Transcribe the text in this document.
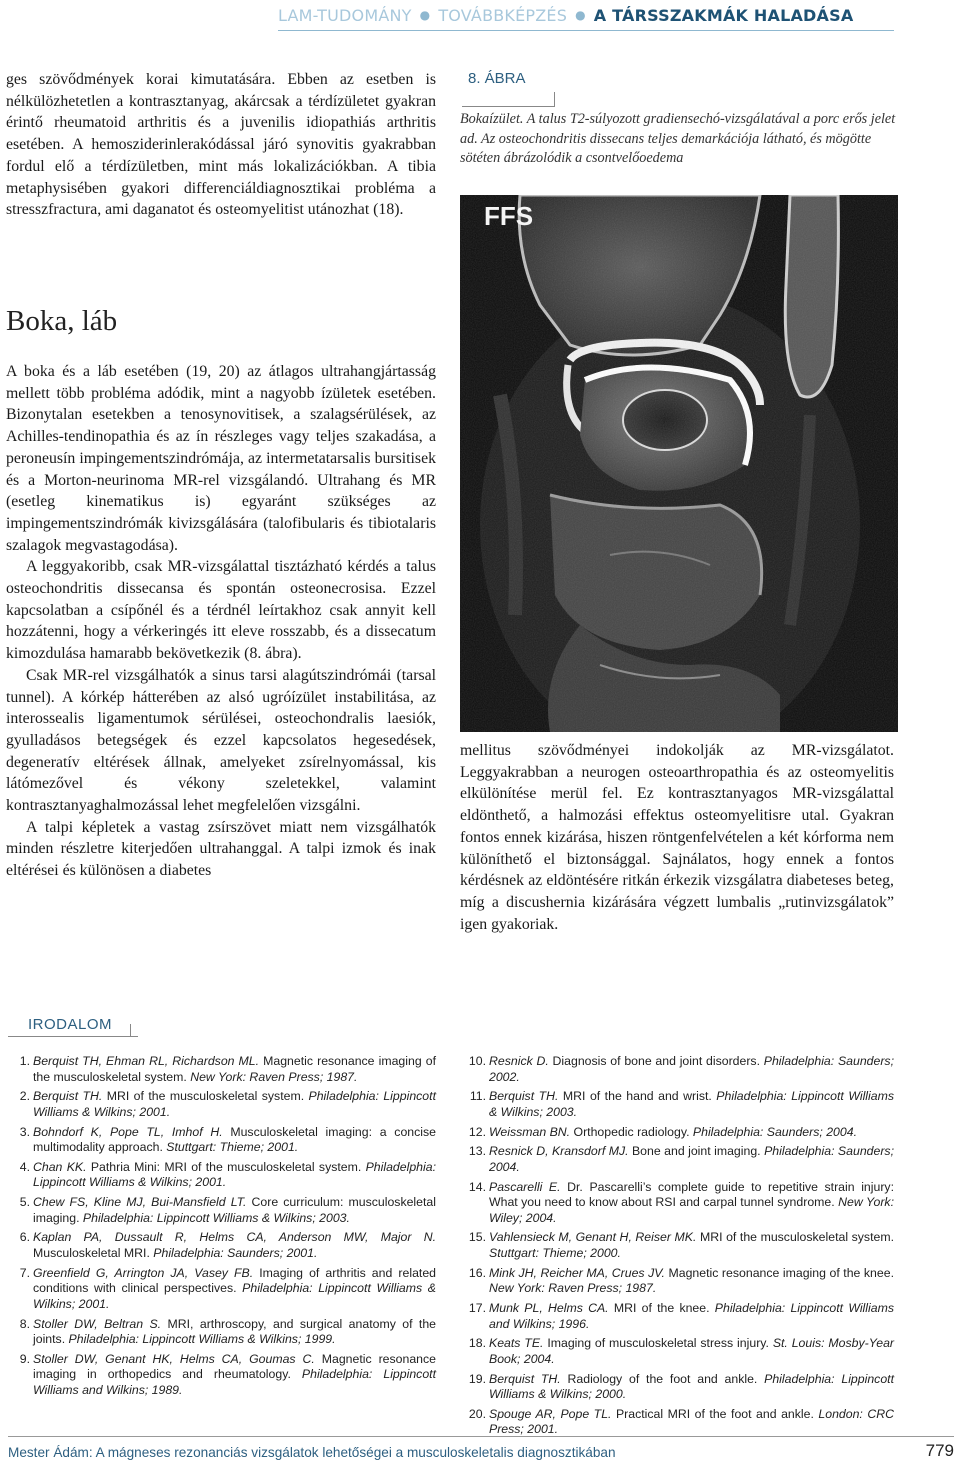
LAM-TUDOMÁNY ● TOVÁBBKÉPZÉS ● A TÁRSSZAKMÁK HALADÁSA

ges szövődmények korai kimutatására. Ebben az esetben is nélkülözhetetlen a kontrasztanyag, akárcsak a térdízületet gyakran érintő rheumatoid arthritis és a juvenilis idiopathiás arthritis esetében. A hemosziderinlerakódással járó synovitis gyakrabban fordul elő a térdízületben, mint más lokalizációkban. A tibia metaphysisében gyakori differenciáldiagnosztikai probléma a stresszfractura, ami daganatot és osteomyelitist utánozhat (18).

Boka, láb

A boka és a láb esetében (19, 20) az átlagos ultrahangjártasság mellett több probléma adódik, mint a nagyobb ízületek esetében. Bizonytalan esetekben a tenosynovitisek, a szalagsérülések, az Achilles-tendinopathia és az ín részleges vagy teljes szakadása, a peroneusín impingementszindrómája, az intermetatarsalis bursitisek és a Morton-neurinoma MR-rel vizsgálandó. Ultrahang és MR (esetleg kinematikus is) egyaránt szükséges az impingementszindrómák kivizsgálására (talofibularis és tibiotalaris szalagok megvastagodása).

A leggyakoribb, csak MR-vizsgálattal tisztázható kérdés a talus osteochondritis dissecansa és spontán osteonecrosisa. Ezzel kapcsolatban a csípőnél és a térdnél leírtakhoz csak annyit kell hozzátenni, hogy a vérkeringés itt eleve rosszabb, és a dissecatum kimozdulása hamarabb bekövetkezik (8. ábra).

Csak MR-rel vizsgálhatók a sinus tarsi alagútszindrómái (tarsal tunnel). A kórkép hátterében az alsó ugróízület instabilitása, az interossealis ligamentumok sérülései, osteochondralis laesiók, gyulladásos betegségek és ezzel kapcsolatos hegesedések, degeneratív eltérések állnak, amelyeket zsírelnyomással, kis látómezővel és vékony szeletekkel, valamint kontrasztanyaghalmozással lehet megfelelően vizsgálni.

A talpi képletek a vastag zsírszövet miatt nem vizsgálhatók minden részletre kiterjedően ultrahanggal. A talpi izmok és inak eltérései és különösen a diabetes

8. ÁBRA
Bokaízület. A talus T2-súlyozott gradiensechó-vizsgálatával a porc erős jelet ad. Az osteochondritis dissecans teljes demarkációja látható, és mögötte sötéten ábrázolódik a csontvelőoedema
FFS

mellitus szövődményei indokolják az MR-vizsgálatot. Leggyakrabban a neurogen osteoarthropathia és az osteomyelitis elkülönítése merül fel. Ez kontrasztanyagos MR-vizsgálattal eldönthető, a halmozási effektus osteomyelitisre utal. Gyakran fontos ennek kizárása, hiszen röntgenfelvételen a két kórforma nem különíthető el biztonsággal. Sajnálatos, hogy ennek a fontos kérdésnek az eldöntésére ritkán érkezik vizsgálatra diabeteses beteg, míg a discushernia kizárására végzett lumbalis „rutinvizsgálatok” igen gyakoriak.

IRODALOM
1. Berquist TH, Ehman RL, Richardson ML. Magnetic resonance imaging of the musculoskeletal system. New York: Raven Press; 1987.
2. Berquist TH. MRI of the musculoskeletal system. Philadelphia: Lippincott Williams & Wilkins; 2001.
3. Bohndorf K, Pope TL, Imhof H. Musculoskeletal imaging: a concise multimodality approach. Stuttgart: Thieme; 2001.
4. Chan KK. Pathria Mini: MRI of the musculoskeletal system. Philadelphia: Lippincott Williams & Wilkins; 2001.
5. Chew FS, Kline MJ, Bui-Mansfield LT. Core curriculum: musculoskeletal imaging. Philadelphia: Lippincott Williams & Wilkins; 2003.
6. Kaplan PA, Dussault R, Helms CA, Anderson MW, Major N. Musculoskeletal MRI. Philadelphia: Saunders; 2001.
7. Greenfield G, Arrington JA, Vasey FB. Imaging of arthritis and related conditions with clinical perspectives. Philadelphia: Lippincott Williams & Wilkins; 2001.
8. Stoller DW, Beltran S. MRI, arthroscopy, and surgical anatomy of the joints. Philadelphia: Lippincott Williams & Wilkins; 1999.
9. Stoller DW, Genant HK, Helms CA, Goumas C. Magnetic resonance imaging in orthopedics and rheumatology. Philadelphia: Lippincott Williams and Wilkins; 1989.
10. Resnick D. Diagnosis of bone and joint disorders. Philadelphia: Saunders; 2002.
11. Berquist TH. MRI of the hand and wrist. Philadelphia: Lippincott Williams & Wilkins; 2003.
12. Weissman BN. Orthopedic radiology. Philadelphia: Saunders; 2004.
13. Resnick D, Kransdorf MJ. Bone and joint imaging. Philadelphia: Saunders; 2004.
14. Pascarelli E. Dr. Pascarelli’s complete guide to repetitive strain injury: What you need to know about RSI and carpal tunnel syndrome. New York: Wiley; 2004.
15. Vahlensieck M, Genant H, Reiser MK. MRI of the musculoskeletal system. Stuttgart: Thieme; 2000.
16. Mink JH, Reicher MA, Crues JV. Magnetic resonance imaging of the knee. New York: Raven Press; 1987.
17. Munk PL, Helms CA. MRI of the knee. Philadelphia: Lippincott Williams and Wilkins; 1996.
18. Keats TE. Imaging of musculoskeletal stress injury. St. Louis: Mosby-Year Book; 2004.
19. Berquist TH. Radiology of the foot and ankle. Philadelphia: Lippincott Williams & Wilkins; 2000.
20. Spouge AR, Pope TL. Practical MRI of the foot and ankle. London: CRC Press; 2001.
Mester Ádám: A mágneses rezonanciás vizsgálatok lehetőségei a musculoskeletalis diagnosztikában	779
